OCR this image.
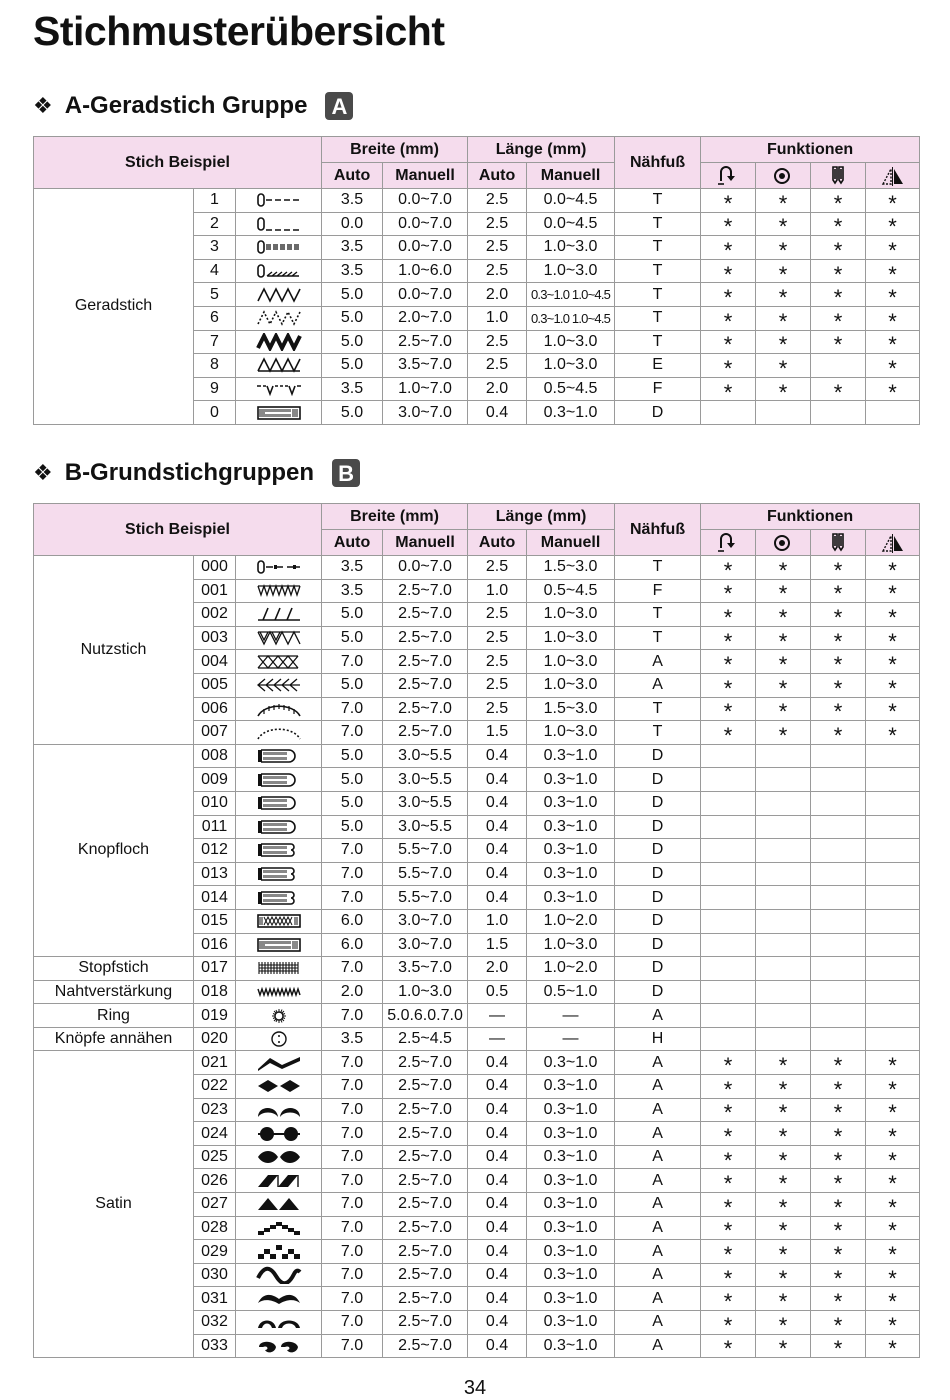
Stichmusterübersicht
❖ A-Geradstich Gruppe A
Stich Beispiel			Breite (mm)		Länge (mm)		Nähfuß	Funktionen			
			Auto	Manuell	Auto	Manuell	

Geradstich	1		3.5	0.0~7.0	2.5	0.0~4.5	T	*	*	*	*
	2		0.0	0.0~7.0	2.5	0.0~4.5	T	*	*	*	*
	3		3.5	0.0~7.0	2.5	1.0~3.0	T	*	*	*	*
	4		3.5	1.0~6.0	2.5	1.0~3.0	T	*	*	*	*
	5		5.0	0.0~7.0	2.0	0.3~1.0 1.0~4.5	T	*	*	*	*
	6		5.0	2.0~7.0	1.0	0.3~1.0 1.0~4.5	T	*	*	*	*
	7		5.0	2.5~7.0	2.5	1.0~3.0	T	*	*	*	*
	8		5.0	3.5~7.0	2.5	1.0~3.0	E	*	*		*
	9		3.5	1.0~7.0	2.0	0.5~4.5	F	*	*	*	*
	0		5.0	3.0~7.0	0.4	0.3~1.0	D				
❖ B-Grundstichgruppen B
Stich Beispiel			Breite (mm)		Länge (mm)		Nähfuß	Funktionen			
			Auto	Manuell	Auto	Manuell	

Nutzstich	000		3.5	0.0~7.0	2.5	1.5~3.0	T	*	*	*	*
	001		3.5	2.5~7.0	1.0	0.5~4.5	F	*	*	*	*
	002		5.0	2.5~7.0	2.5	1.0~3.0	T	*	*	*	*
	003		5.0	2.5~7.0	2.5	1.0~3.0	T	*	*	*	*
	004		7.0	2.5~7.0	2.5	1.0~3.0	A	*	*	*	*
	005		5.0	2.5~7.0	2.5	1.0~3.0	A	*	*	*	*
	006		7.0	2.5~7.0	2.5	1.5~3.0	T	*	*	*	*
	007		7.0	2.5~7.0	1.5	1.0~3.0	T	*	*	*	*
Knopfloch	008		5.0	3.0~5.5	0.4	0.3~1.0	D				
	009		5.0	3.0~5.5	0.4	0.3~1.0	D				
	010		5.0	3.0~5.5	0.4	0.3~1.0	D				
	011		5.0	3.0~5.5	0.4	0.3~1.0	D				
	012		7.0	5.5~7.0	0.4	0.3~1.0	D				
	013		7.0	5.5~7.0	0.4	0.3~1.0	D				
	014		7.0	5.5~7.0	0.4	0.3~1.0	D				
	015		6.0	3.0~7.0	1.0	1.0~2.0	D				
	016		6.0	3.0~7.0	1.5	1.0~3.0	D				
Stopfstich	017		7.0	3.5~7.0	2.0	1.0~2.0	D				
Nahtverstärkung	018		2.0	1.0~3.0	0.5	0.5~1.0	D				
Ring	019		7.0	5.0.6.0.7.0	—	—	A				
Knöpfe annähen	020		3.5	2.5~4.5	—	—	H				
Satin	021		7.0	2.5~7.0	0.4	0.3~1.0	A	*	*	*	*
	022		7.0	2.5~7.0	0.4	0.3~1.0	A	*	*	*	*
	023		7.0	2.5~7.0	0.4	0.3~1.0	A	*	*	*	*
	024		7.0	2.5~7.0	0.4	0.3~1.0	A	*	*	*	*
	025		7.0	2.5~7.0	0.4	0.3~1.0	A	*	*	*	*
	026		7.0	2.5~7.0	0.4	0.3~1.0	A	*	*	*	*
	027		7.0	2.5~7.0	0.4	0.3~1.0	A	*	*	*	*
	028		7.0	2.5~7.0	0.4	0.3~1.0	A	*	*	*	*
	029		7.0	2.5~7.0	0.4	0.3~1.0	A	*	*	*	*
	030		7.0	2.5~7.0	0.4	0.3~1.0	A	*	*	*	*
	031		7.0	2.5~7.0	0.4	0.3~1.0	A	*	*	*	*
	032		7.0	2.5~7.0	0.4	0.3~1.0	A	*	*	*	*
	033		7.0	2.5~7.0	0.4	0.3~1.0	A	*	*	*	*
34
